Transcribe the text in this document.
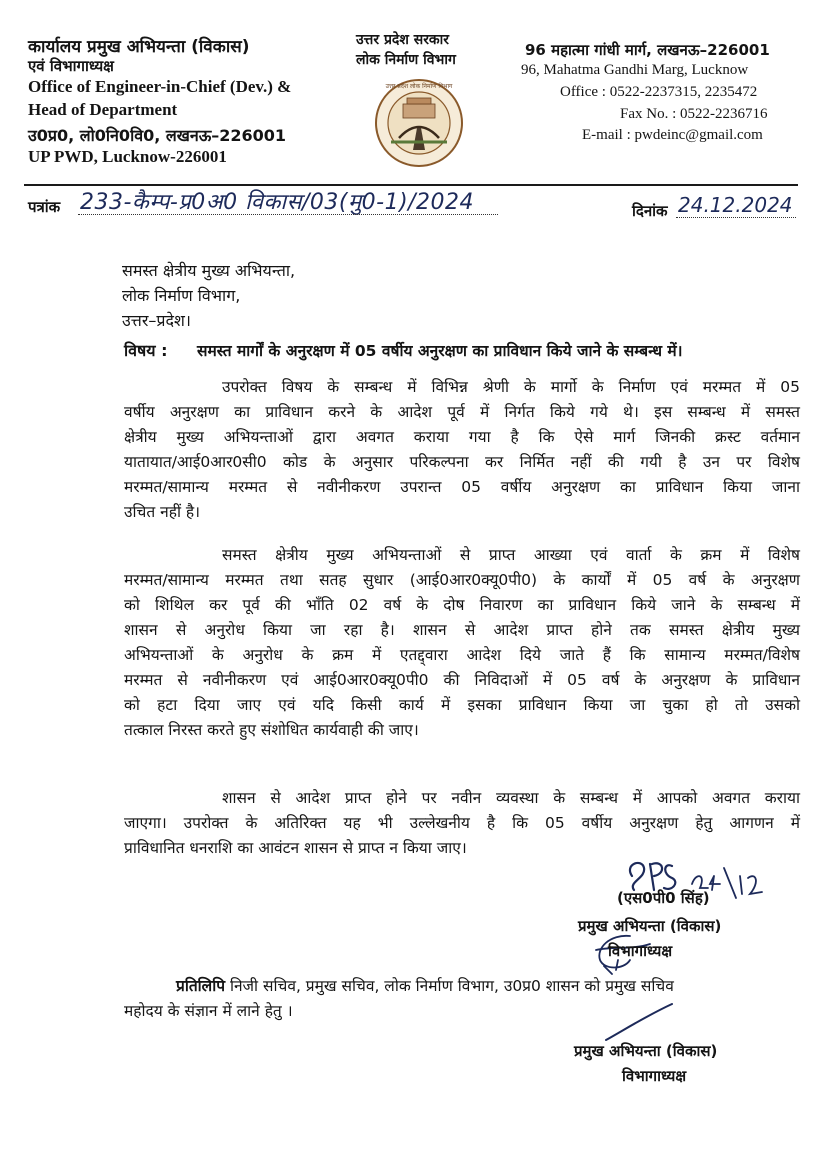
कार्यालय प्रमुख अभियन्ता (विकास)
एवं विभागाध्यक्ष
Office of Engineer-in-Chief (Dev.) &
Head of Department
उ0प्र0, लो0नि0वि0, लखनऊ–226001
UP PWD, Lucknow-226001
उत्तर प्रदेश सरकार
लोक निर्माण विभाग
उत्तर प्रदेश लोक निर्माण विभाग
96 महात्मा गांधी मार्ग, लखनऊ–226001
96, Mahatma Gandhi Marg, Lucknow
Office : 0522-2237315, 2235472
Fax No. : 0522-2236716
E-mail : pwdeinc@gmail.com
पत्रांक 233-कैम्प-प्र0अ0 विकास/03(मु0-1)/2024	दिनांक 24.12.2024
समस्त क्षेत्रीय मुख्य अभियन्ता,
लोक निर्माण विभाग,
उत्तर–प्रदेश।
विषय : समस्त मार्गों के अनुरक्षण में 05 वर्षीय अनुरक्षण का प्राविधान किये जाने के सम्बन्ध में।
उपरोक्त विषय के सम्बन्ध में विभिन्न श्रेणी के मार्गो के निर्माण एवं मरम्मत में 05
वर्षीय अनुरक्षण का प्राविधान करने के आदेश पूर्व में निर्गत किये गये थे। इस सम्बन्ध में समस्त
क्षेत्रीय मुख्य अभियन्ताओं द्वारा अवगत कराया गया है कि ऐसे मार्ग जिनकी क्रस्ट वर्तमान
यातायात/आई0आर0सी0 कोड के अनुसार परिकल्पना कर निर्मित नहीं की गयी है उन पर विशेष
मरम्मत/सामान्य मरम्मत से नवीनीकरण उपरान्त 05 वर्षीय अनुरक्षण का प्राविधान किया जाना
उचित नहीं है।
समस्त क्षेत्रीय मुख्य अभियन्ताओं से प्राप्त आख्या एवं वार्ता के क्रम में विशेष
मरम्मत/सामान्य मरम्मत तथा सतह सुधार (आई0आर0क्यू0पी0) के कार्यों में 05 वर्ष के अनुरक्षण
को शिथिल कर पूर्व की भाँति 02 वर्ष के दोष निवारण का प्राविधान किये जाने के सम्बन्ध में
शासन से अनुरोध किया जा रहा है। शासन से आदेश प्राप्त होने तक समस्त क्षेत्रीय मुख्य
अभियन्ताओं के अनुरोध के क्रम में एतद्द्वारा आदेश दिये जाते हैं कि सामान्य मरम्मत/विशेष
मरम्मत से नवीनीकरण एवं आई0आर0क्यू0पी0 की निविदाओं में 05 वर्ष के अनुरक्षण के प्राविधान
को हटा दिया जाए एवं यदि किसी कार्य में इसका प्राविधान किया जा चुका हो तो उसको
तत्काल निरस्त करते हुए संशोधित कार्यवाही की जाए।
शासन से आदेश प्राप्त होने पर नवीन व्यवस्था के सम्बन्ध में आपको अवगत कराया
जाएगा। उपरोक्त के अतिरिक्त यह भी उल्लेखनीय है कि 05 वर्षीय अनुरक्षण हेतु आगणन में
प्राविधानित धनराशि का आवंटन शासन से प्राप्त न किया जाए।
(एस0पी0 सिंह)
प्रमुख अभियन्ता (विकास)
विभागाध्यक्ष
प्रतिलिपि निजी सचिव, प्रमुख सचिव, लोक निर्माण विभाग, उ0प्र0 शासन को प्रमुख सचिव
महोदय के संज्ञान में लाने हेतु ।
प्रमुख अभियन्ता (विकास)
विभागाध्यक्ष
